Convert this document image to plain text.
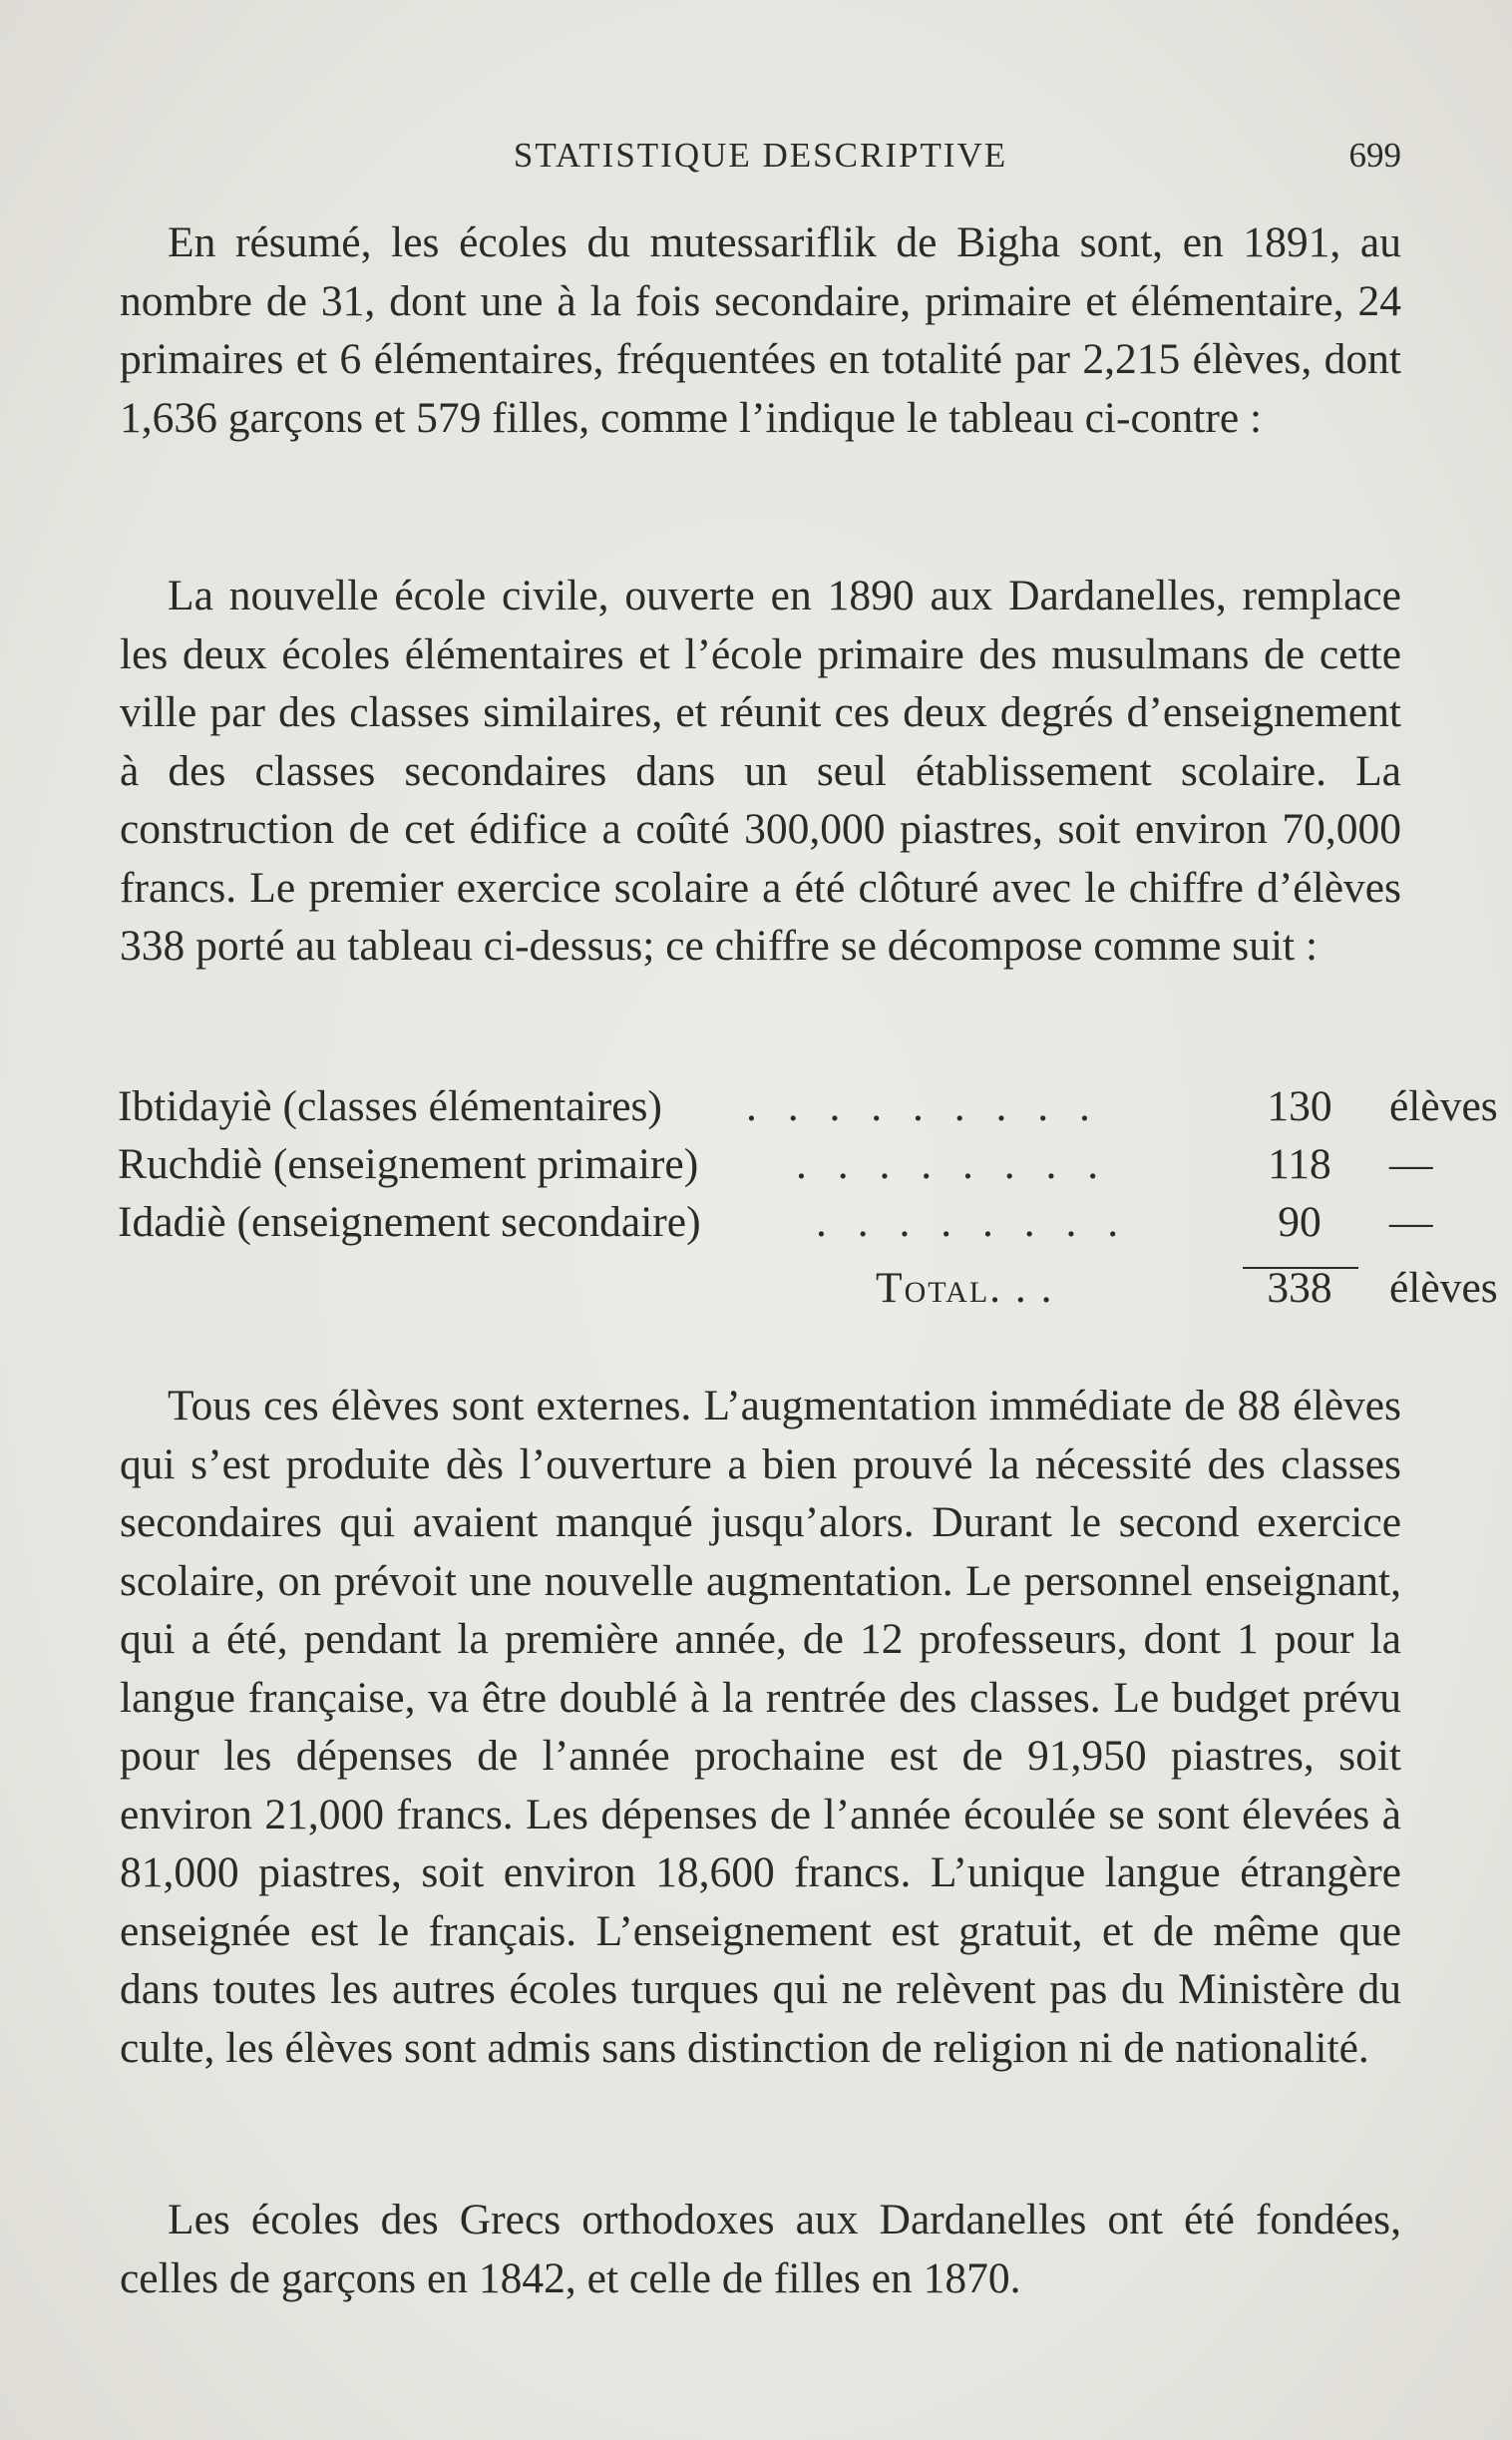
STATISTIQUE DESCRIPTIVE	699

En résumé, les écoles du mutessariflik de Bigha sont, en 1891, au nombre de 31, dont une à la fois secondaire, primaire et élémentaire, 24 primaires et 6 élémentaires, fréquentées en totalité par 2,215 élèves, dont 1,636 garçons et 579 filles, comme l’indique le tableau ci-contre :

La nouvelle école civile, ouverte en 1890 aux Dardanelles, remplace les deux écoles élémentaires et l’école primaire des musulmans de cette ville par des classes similaires, et réunit ces deux degrés d’enseignement à des classes secondaires dans un seul établissement scolaire. La construction de cet édifice a coûté 300,000 piastres, soit environ 70,000 francs. Le premier exercice scolaire a été clôturé avec le chiffre d’élèves 338 porté au tableau ci-dessus; ce chiffre se décompose comme suit :

Ibtidayiè (classes élémentaires) . . . . . . . . .	130	élèves
Ruchdiè (enseignement primaire) . . . . . . . .	118	—
Idadiè (enseignement secondaire)	. . . . . . . .	90	—
Total. . .	338	élèves

Tous ces élèves sont externes. L’augmentation immédiate de 88 élèves qui s’est produite dès l’ouverture a bien prouvé la nécessité des classes secondaires qui avaient manqué jusqu’alors. Durant le second exercice scolaire, on prévoit une nouvelle augmentation. Le personnel enseignant, qui a été, pendant la première année, de 12 professeurs, dont 1 pour la langue française, va être doublé à la rentrée des classes. Le budget prévu pour les dépenses de l’année prochaine est de 91,950 piastres, soit environ 21,000 francs. Les dépenses de l’année écoulée se sont élevées à 81,000 piastres, soit environ 18,600 francs. L’unique langue étrangère enseignée est le français. L’enseignement est gratuit, et de même que dans toutes les autres écoles turques qui ne relèvent pas du Ministère du culte, les élèves sont admis sans distinction de religion ni de nationalité.

Les écoles des Grecs orthodoxes aux Dardanelles ont été fondées, celles de garçons en 1842, et celle de filles en 1870.
